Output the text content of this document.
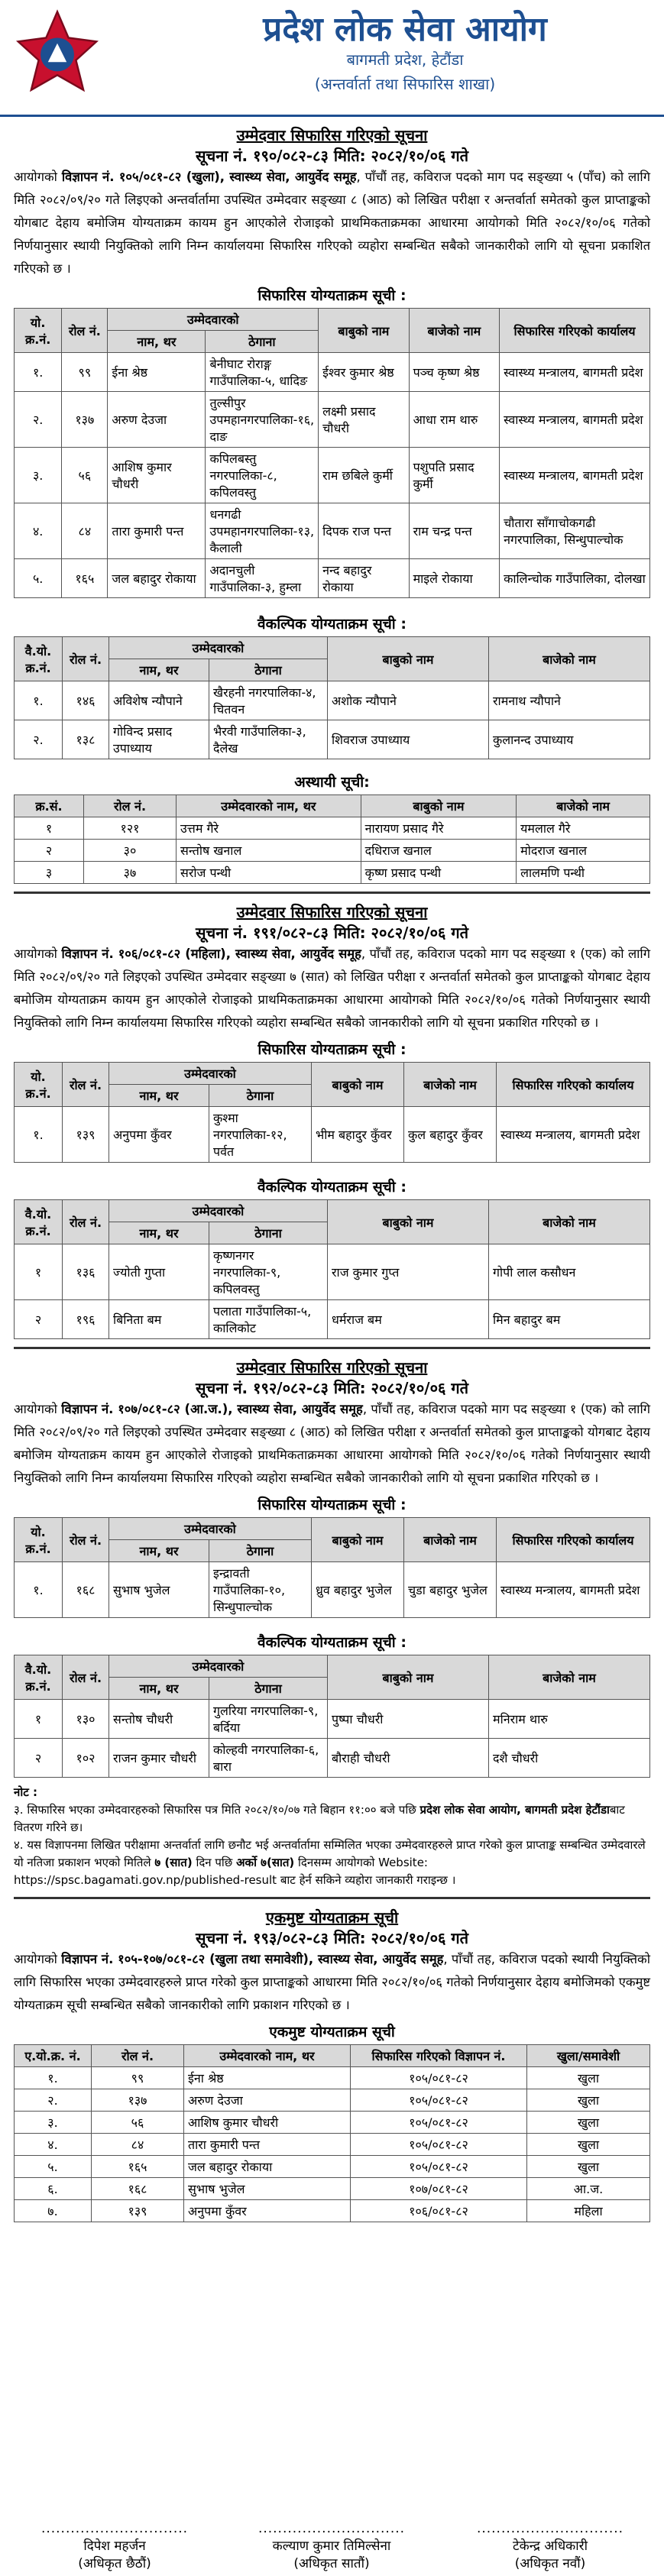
प्रदेश लोक सेवा आयोग
बागमती प्रदेश, हेटौंडा
(अन्तर्वार्ता तथा सिफारिस शाखा)
उम्मेदवार सिफारिस गरिएको सूचना
सूचना नं. १९०/०८२-८३ मिति: २०८२/१०/०६ गते
आयोगको विज्ञापन नं. १०५/०८१-८२ (खुला), स्वास्थ्य सेवा, आयुर्वेद समूह, पाँचौं तह, कविराज पदको माग पद सङ्ख्या ५ (पाँच) को लागि मिति २०८२/०९/२० गते लिइएको अन्तर्वार्तामा उपस्थित उम्मेदवार सङ्ख्या ८ (आठ) को लिखित परीक्षा र अन्तर्वार्ता समेतको कुल प्राप्ताङ्कको योगबाट देहाय बमोजिम योग्यताक्रम कायम हुन आएकोले रोजाइको प्राथमिकताक्रमका आधारमा आयोगको मिति २०८२/१०/०६ गतेको निर्णयानुसार स्थायी नियुक्तिको लागि निम्न कार्यालयमा सिफारिस गरिएको व्यहोरा सम्बन्धित सबैको जानकारीको लागि यो सूचना प्रकाशित गरिएको छ ।
सिफारिस योग्यताक्रम सूची :
यो. क्र.नं.	रोल नं.	उम्मेदवारको		बाबुको नाम	बाजेको नाम	सिफारिस गरिएको कार्यालय
		नाम, थर	ठेगाना			
१.	९९	ईना श्रेष्ठ	बेनीघाट रोराङ्ग गाउँपालिका-५, धादिङ	ईश्वर कुमार श्रेष्ठ	पञ्च कृष्ण श्रेष्ठ	स्वास्थ्य मन्त्रालय, बागमती प्रदेश
२.	१३७	अरुण देउजा	तुल्सीपुर उपमहानगरपालिका-१६, दाङ	लक्ष्मी प्रसाद चौधरी	आधा राम थारु	स्वास्थ्य मन्त्रालय, बागमती प्रदेश
३.	५६	आशिष कुमार चौधरी	कपिलबस्तु नगरपालिका-८, कपिलवस्तु	राम छबिले कुर्मी	पशुपति प्रसाद कुर्मी	स्वास्थ्य मन्त्रालय, बागमती प्रदेश
४.	८४	तारा कुमारी पन्त	धनगढी उपमहानगरपालिका-१३, कैलाली	दिपक राज पन्त	राम चन्द्र पन्त	चौतारा साँगाचोकगढी नगरपालिका, सिन्धुपाल्चोक
५.	१६५	जल बहादुर रोकाया	अदानचुली गाउँपालिका-३, हुम्ला	नन्द बहादुर रोकाया	माइले रोकाया	कालिन्चोक गाउँपालिका, दोलखा
वैकल्पिक योग्यताक्रम सूची :
वै.यो. क्र.नं.	रोल नं.	उम्मेदवारको		बाबुको नाम	बाजेको नाम
		नाम, थर	ठेगाना		
१.	१४६	अविशेष न्यौपाने	खैरहनी नगरपालिका-४, चितवन	अशोक न्यौपाने	रामनाथ न्यौपाने
२.	१३८	गोविन्द प्रसाद उपाध्याय	भैरवी गाउँपालिका-३, दैलेख	शिवराज उपाध्याय	कुलानन्द उपाध्याय
अस्थायी सूची:
क्र.सं.	रोल नं.	उम्मेदवारको नाम, थर	बाबुको नाम	बाजेको नाम
१	१२१	उत्तम गैरे	नारायण प्रसाद गैरे	यमलाल गैरे
२	३०	सन्तोष खनाल	दधिराज खनाल	मोदराज खनाल
३	३७	सरोज पन्थी	कृष्ण प्रसाद पन्थी	लालमणि पन्थी
उम्मेदवार सिफारिस गरिएको सूचना
सूचना नं. १९१/०८२-८३ मिति: २०८२/१०/०६ गते
आयोगको विज्ञापन नं. १०६/०८१-८२ (महिला), स्वास्थ्य सेवा, आयुर्वेद समूह, पाँचौं तह, कविराज पदको माग पद सङ्ख्या १ (एक) को लागि मिति २०८२/०९/२० गते लिइएको उपस्थित उम्मेदवार सङ्ख्या ७ (सात) को लिखित परीक्षा र अन्तर्वार्ता समेतको कुल प्राप्ताङ्कको योगबाट देहाय बमोजिम योग्यताक्रम कायम हुन आएकोले रोजाइको प्राथमिकताक्रमका आधारमा आयोगको मिति २०८२/१०/०६ गतेको निर्णयानुसार स्थायी नियुक्तिको लागि निम्न कार्यालयमा सिफारिस गरिएको व्यहोरा सम्बन्धित सबैको जानकारीको लागि यो सूचना प्रकाशित गरिएको छ ।
सिफारिस योग्यताक्रम सूची :
यो. क्र.नं.	रोल नं.	उम्मेदवारको		बाबुको नाम	बाजेको नाम	सिफारिस गरिएको कार्यालय
		नाम, थर	ठेगाना			
१.	१३९	अनुपमा कुँवर	कुश्मा नगरपालिका-१२, पर्वत	भीम बहादुर कुँवर	कुल बहादुर कुँवर	स्वास्थ्य मन्त्रालय, बागमती प्रदेश
वैकल्पिक योग्यताक्रम सूची :
वै.यो. क्र.नं.	रोल नं.	उम्मेदवारको		बाबुको नाम	बाजेको नाम
		नाम, थर	ठेगाना		
१	१३६	ज्योती गुप्ता	कृष्णनगर नगरपालिका-९, कपिलवस्तु	राज कुमार गुप्त	गोपी लाल कसौधन
२	१९६	बिनिता बम	पलाता गाउँपालिका-५, कालिकोट	धर्मराज बम	मिन बहादुर बम
उम्मेदवार सिफारिस गरिएको सूचना
सूचना नं. १९२/०८२-८३ मिति: २०८२/१०/०६ गते
आयोगको विज्ञापन नं. १०७/०८१-८२ (आ.ज.), स्वास्थ्य सेवा, आयुर्वेद समूह, पाँचौं तह, कविराज पदको माग पद सङ्ख्या १ (एक) को लागि मिति २०८२/०९/२० गते लिइएको उपस्थित उम्मेदवार सङ्ख्या ८ (आठ) को लिखित परीक्षा र अन्तर्वार्ता समेतको कुल प्राप्ताङ्कको योगबाट देहाय बमोजिम योग्यताक्रम कायम हुन आएकोले रोजाइको प्राथमिकताक्रमका आधारमा आयोगको मिति २०८२/१०/०६ गतेको निर्णयानुसार स्थायी नियुक्तिको लागि निम्न कार्यालयमा सिफारिस गरिएको व्यहोरा सम्बन्धित सबैको जानकारीको लागि यो सूचना प्रकाशित गरिएको छ ।
सिफारिस योग्यताक्रम सूची :
यो. क्र.नं.	रोल नं.	उम्मेदवारको		बाबुको नाम	बाजेको नाम	सिफारिस गरिएको कार्यालय
		नाम, थर	ठेगाना			
१.	१६८	सुभाष भुजेल	इन्द्रावती गाउँपालिका-१०, सिन्धुपाल्चोक	ध्रुव बहादुर भुजेल	चुडा बहादुर भुजेल	स्वास्थ्य मन्त्रालय, बागमती प्रदेश
वैकल्पिक योग्यताक्रम सूची :
वै.यो. क्र.नं.	रोल नं.	उम्मेदवारको		बाबुको नाम	बाजेको नाम
		नाम, थर	ठेगाना		
१	१३०	सन्तोष चौधरी	गुलरिया नगरपालिका-९, बर्दिया	पुष्पा चौधरी	मनिराम थारु
२	१०२	राजन कुमार चौधरी	कोल्हवी नगरपालिका-६, बारा	बौराही चौधरी	दशै चौधरी
नोट :
३. सिफारिस भएका उम्मेदवारहरुको सिफारिस पत्र मिति २०८२/१०/०७ गते बिहान ११:०० बजे पछि प्रदेश लोक सेवा आयोग, बागमती प्रदेश हेटौंडाबाट वितरण गरिने छ।
४. यस विज्ञापनमा लिखित परीक्षामा अन्तर्वार्ता लागि छनौट भई अन्तर्वार्तामा सम्मिलित भएका उम्मेदवारहरुले प्राप्त गरेको कुल प्राप्ताङ्क सम्बन्धित उम्मेदवारले यो नतिजा प्रकाशन भएको मितिले ७ (सात) दिन पछि अर्को ७(सात) दिनसम्म आयोगको Website: https://spsc.bagamati.gov.np/published-result बाट हेर्न सकिने व्यहोरा जानकारी गराइन्छ ।
एकमुष्ट योग्यताक्रम सूची
सूचना नं. १९३/०८२-८३ मिति: २०८२/१०/०६ गते
आयोगको विज्ञापन नं. १०५-१०७/०८१-८२ (खुला तथा समावेशी), स्वास्थ्य सेवा, आयुर्वेद समूह, पाँचौं तह, कविराज पदको स्थायी नियुक्तिको लागि सिफारिस भएका उम्मेदवारहरुले प्राप्त गरेको कुल प्राप्ताङ्कको आधारमा मिति २०८२/१०/०६ गतेको निर्णयानुसार देहाय बमोजिमको एकमुष्ट योग्यताक्रम सूची सम्बन्धित सबैको जानकारीको लागि प्रकाशन गरिएको छ ।
एकमुष्ट योग्यताक्रम सूची
ए.यो.क्र. नं.	रोल नं.	उम्मेदवारको नाम, थर	सिफारिस गरिएको विज्ञापन नं.	खुला/समावेशी
१.	९९	ईना श्रेष्ठ	१०५/०८१-८२	खुला
२.	१३७	अरुण देउजा	१०५/०८१-८२	खुला
३.	५६	आशिष कुमार चौधरी	१०५/०८१-८२	खुला
४.	८४	तारा कुमारी पन्त	१०५/०८१-८२	खुला
५.	१६५	जल बहादुर रोकाया	१०५/०८१-८२	खुला
६.	१६८	सुभाष भुजेल	१०७/०८१-८२	आ.ज.
७.	१३९	अनुपमा कुँवर	१०६/०८१-८२	महिला
..............................
दिपेश महर्जन
(अधिकृत छैठौं)
..............................
कल्याण कुमार तिमिल्सेना
(अधिकृत सातौं)
..............................
टेकेन्द्र अधिकारी
(अधिकृत नवौं)
